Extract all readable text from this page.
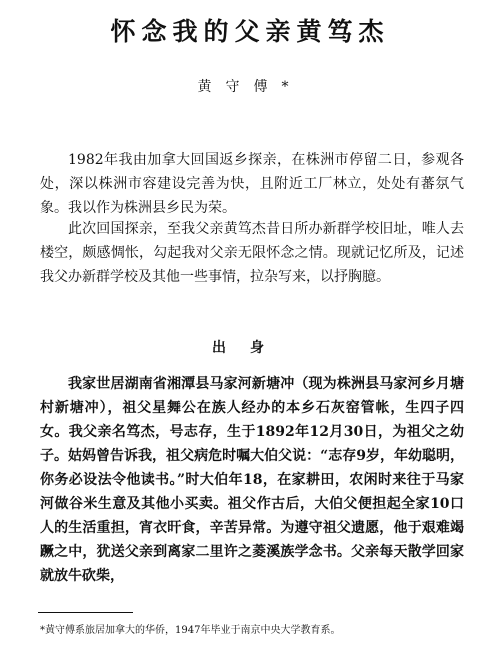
怀念我的父亲黄笃杰
黄守傅*

1982年我由加拿大回国返乡探亲，在株洲市停留二日，参观各处，深以株洲市容建设完善为快，且附近工厂林立，处处有蕃氛气象。我以作为株洲县乡民为荣。

此次回国探亲，至我父亲黄笃杰昔日所办新群学校旧址，唯人去楼空，颇感惆怅，勾起我对父亲无限怀念之情。现就记忆所及，记述我父办新群学校及其他一些事情，拉杂写来，以抒胸臆。

出身

我家世居湖南省湘潭县马家河新塘冲（现为株洲县马家河乡月塘村新塘冲），祖父星舞公在族人经办的本乡石灰窑管帐，生四子四女。我父亲名笃杰，号志存，生于1892年12月30日，为祖父之幼子。姑妈曾告诉我，祖父病危时嘱大伯父说：“志存9岁，年幼聪明，你务必设法令他读书。”时大伯年18，在家耕田，农闲时来往于马家河做谷米生意及其他小买卖。祖父作古后，大伯父便担起全家10口人的生活重担，宵衣旰食，辛苦异常。为遵守祖父遗愿，他于艰难竭蹶之中，犹送父亲到离家二里许之菱溪族学念书。父亲每天散学回家就放牛砍柴，

*黄守傅系旅居加拿大的华侨，1947年毕业于南京中央大学教育系。
